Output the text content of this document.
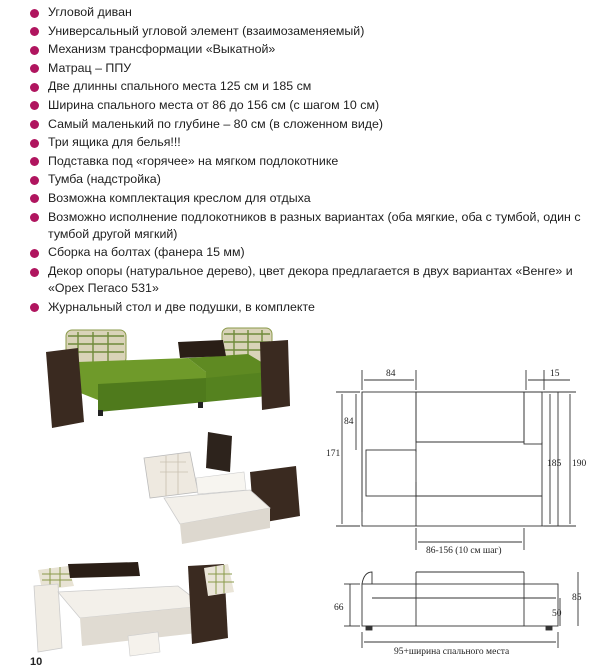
Угловой диван
Универсальный угловой элемент (взаимозаменяемый)
Механизм трансформации «Выкатной»
Матрац – ППУ
Две длинны спального места 125 см и 185 см
Ширина спального места от 86 до 156 см (с шагом 10 см)
Самый маленький по глубине – 80 см (в сложенном виде)
Три ящика для белья!!!
Подставка под «горячее» на мягком подлокотнике
Тумба (надстройка)
Возможна комплектация креслом для отдыха
Возможно исполнение подлокотников в разных вариантах (оба мягкие, оба с тумбой, один с тумбой другой мягкий)
Сборка на болтах (фанера 15 мм)
Декор опоры (натуральное дерево), цвет декора предлагается в двух вариантах «Венге» и «Орех Пегасо 531»
Журнальный стол и две подушки, в комплекте
84	15
84
171
185 190
86-156 (10 см шаг)
66
85
50
95+ширина спального места
10
